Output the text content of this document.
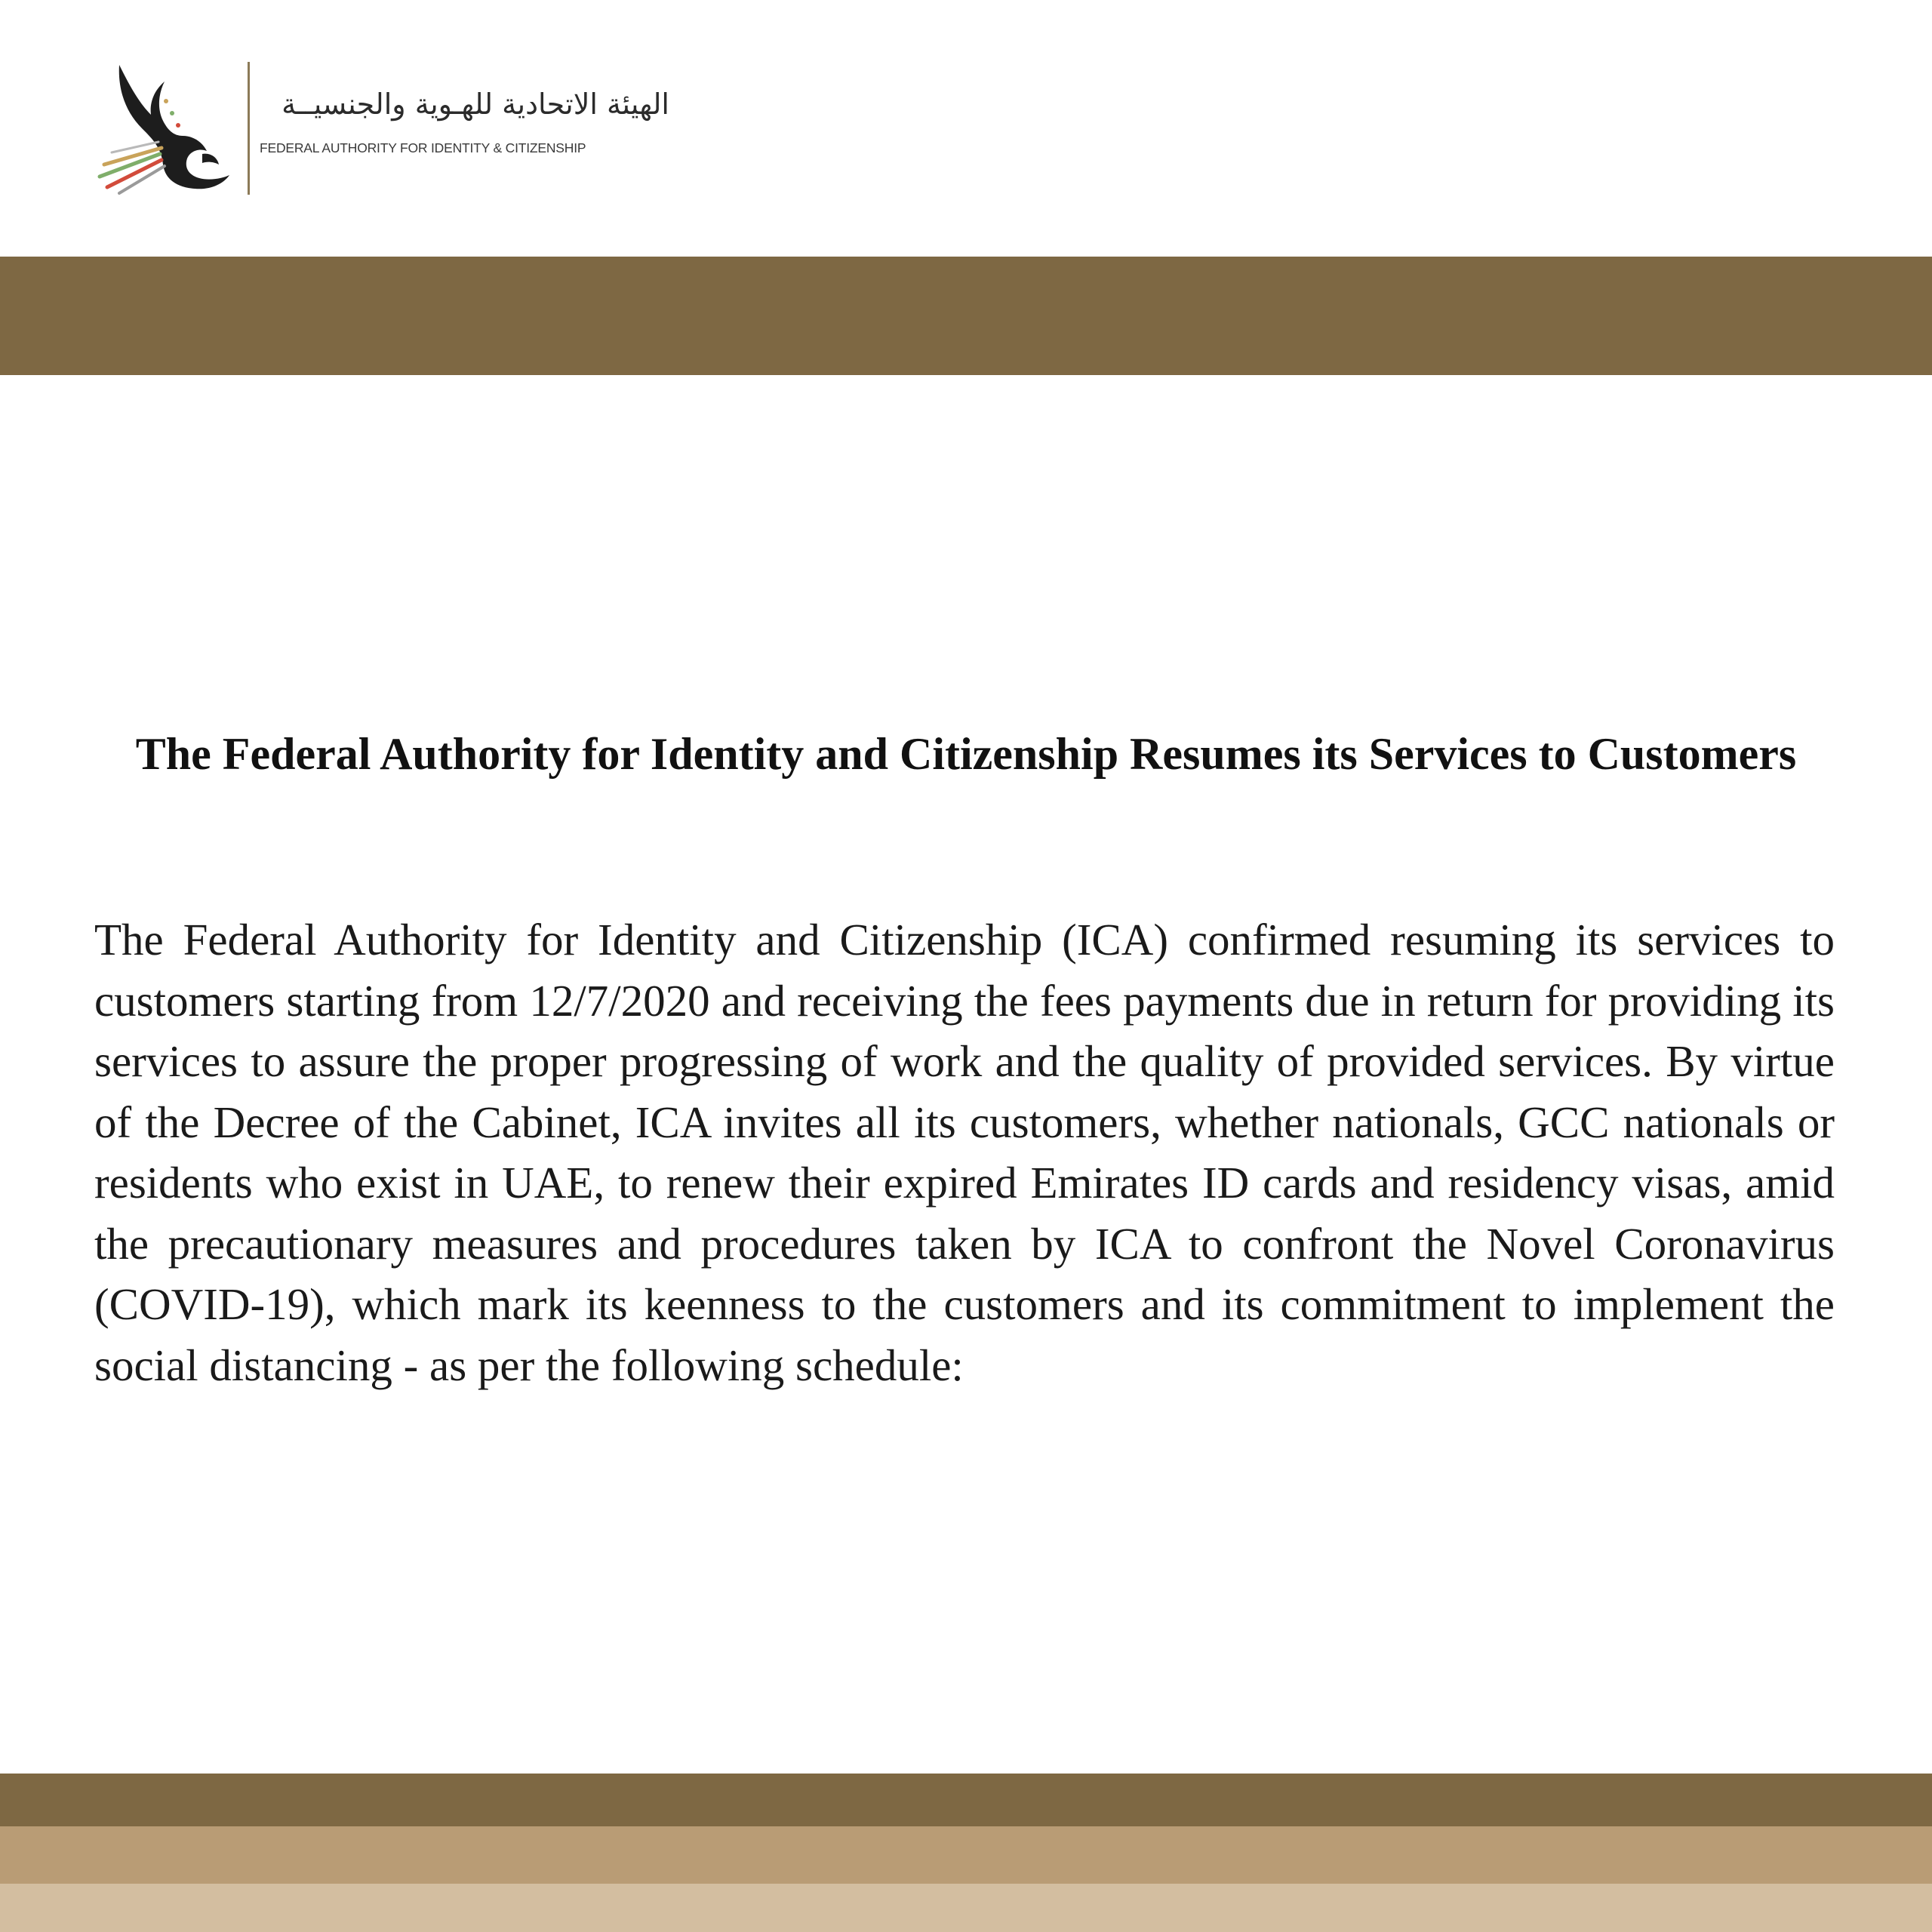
الهيئة الاتحادية للهـوية والجنسيــة
FEDERAL AUTHORITY FOR IDENTITY & CITIZENSHIP
The Federal Authority for Identity and Citizenship Resumes its Services to Customers

The Federal Authority for Identity and Citizenship (ICA) confirmed resuming its services to customers starting from 12/7/2020 and receiving the fees payments due in return for providing its services to assure the proper progressing of work and the quality of provided services. By virtue of the Decree of the Cabinet, ICA invites all its customers, whether nationals, GCC nationals or residents who exist in UAE, to renew their expired Emirates ID cards and residency visas, amid the precautionary measures and procedures taken by ICA to confront the Novel Coronavirus (COVID-19), which mark its keenness to the customers and its commitment to implement the social distancing - as per the following schedule:
